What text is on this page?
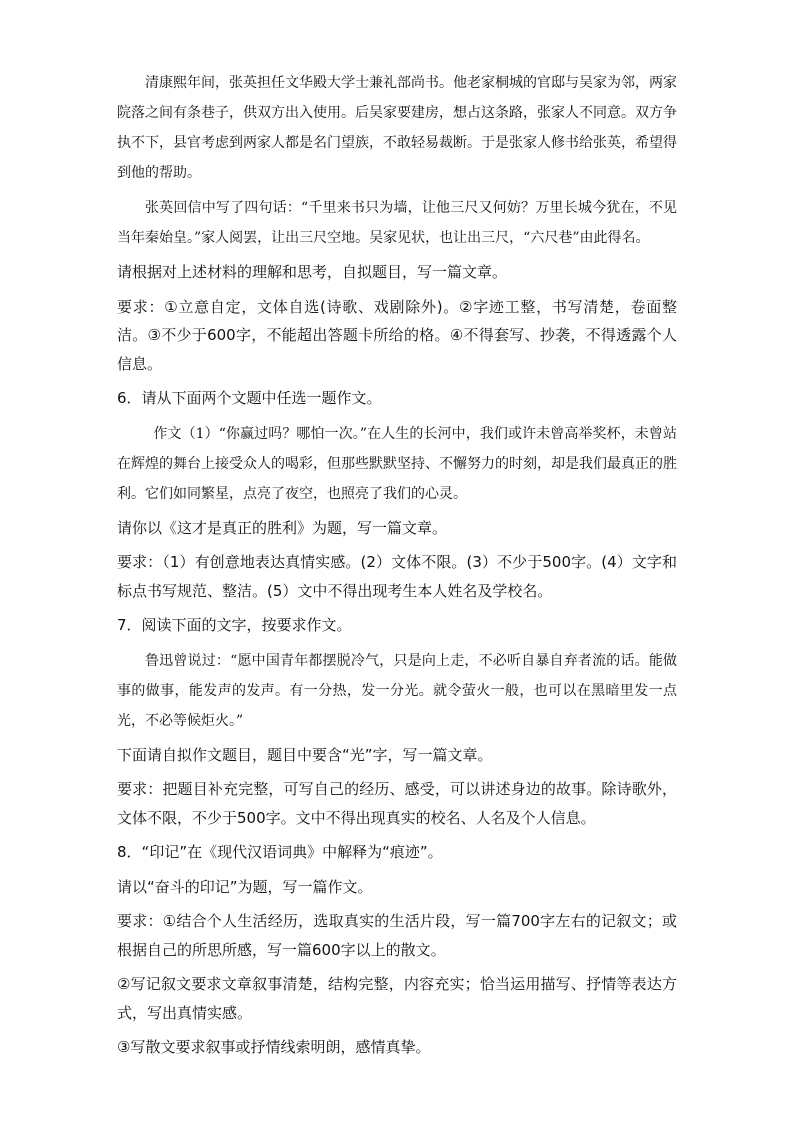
清康熙年间，张英担任文华殿大学士兼礼部尚书。他老家桐城的官邸与吴家为邻，两家院落之间有条巷子，供双方出入使用。后吴家要建房，想占这条路，张家人不同意。双方争执不下，县官考虑到两家人都是名门望族，不敢轻易裁断。于是张家人修书给张英，希望得到他的帮助。

张英回信中写了四句话：“千里来书只为墙，让他三尺又何妨？万里长城今犹在，不见当年秦始皇。”家人阅罢，让出三尺空地。吴家见状，也让出三尺，“六尺巷”由此得名。

请根据对上述材料的理解和思考，自拟题目，写一篇文章。

要求：①立意自定，文体自选(诗歌、戏剧除外)。②字迹工整，书写清楚，卷面整洁。③不少于600字，不能超出答题卡所给的格。④不得套写、抄袭，不得透露个人信息。

6．请从下面两个文题中任选一题作文。

作文（1）“你赢过吗？哪怕一次。”在人生的长河中，我们或许未曾高举奖杯，未曾站在辉煌的舞台上接受众人的喝彩，但那些默默坚持、不懈努力的时刻，却是我们最真正的胜利。它们如同繁星，点亮了夜空，也照亮了我们的心灵。

请你以《这才是真正的胜利》为题，写一篇文章。

要求：（1）有创意地表达真情实感。(2）文体不限。(3）不少于500字。(4）文字和标点书写规范、整洁。(5）文中不得出现考生本人姓名及学校名。

7．阅读下面的文字，按要求作文。

鲁迅曾说过：“愿中国青年都摆脱冷气，只是向上走，不必听自暴自弃者流的话。能做事的做事，能发声的发声。有一分热，发一分光。就令萤火一般，也可以在黑暗里发一点光，不必等候炬火。”

下面请自拟作文题目，题目中要含“光”字，写一篇文章。

要求：把题目补充完整，可写自己的经历、感受，可以讲述身边的故事。除诗歌外，文体不限，不少于500字。文中不得出现真实的校名、人名及个人信息。

8．“印记”在《现代汉语词典》中解释为“痕迹”。

请以“奋斗的印记”为题，写一篇作文。

要求：①结合个人生活经历，选取真实的生活片段，写一篇700字左右的记叙文；或根据自己的所思所感，写一篇600字以上的散文。

②写记叙文要求文章叙事清楚，结构完整，内容充实；恰当运用描写、抒情等表达方式，写出真情实感。

③写散文要求叙事或抒情线索明朗，感情真挚。
